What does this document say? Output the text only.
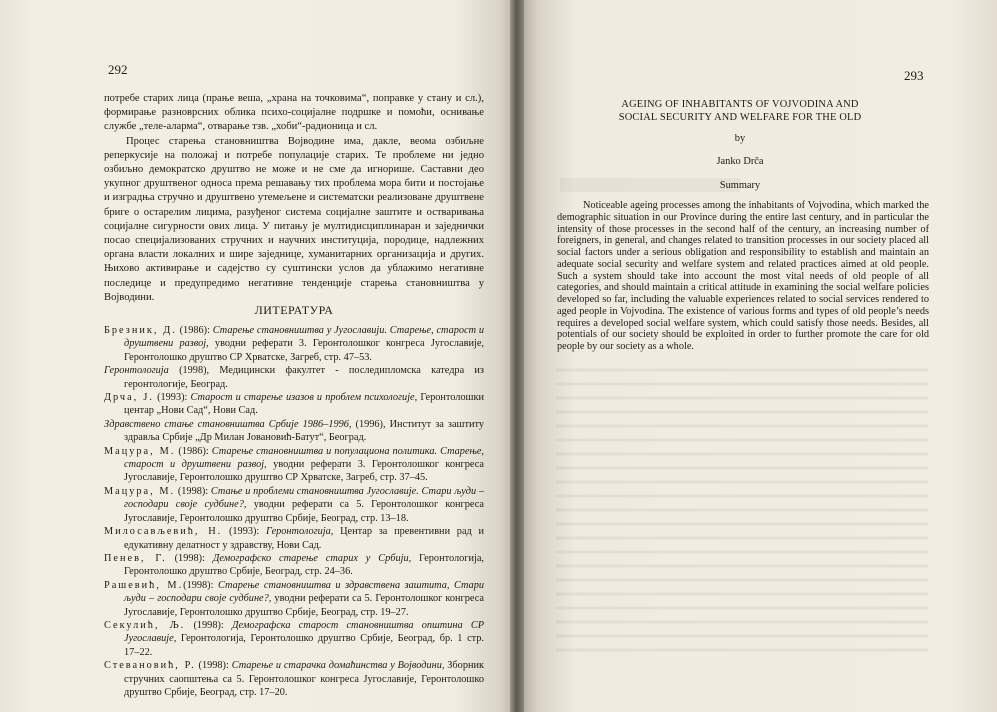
292

потребе старих лица (прање веша, „храна на точковима“, поправке у стану и сл.), формирање разноврсних облика психо-социјалне подршке и помоћи, оснивање службе „теле-аларма“, отварање тзв. „хоби“-радионица и сл.

Процес старења становништва Војводине има, дакле, веома озбиљне реперкусије на положај и потребе популације старих. Те проблеме ни једно озбиљно демократско друштво не може и не сме да игнорише. Саставни део укупног друштвеног односа према решавању тих проблема мора бити и постојање и изградња стручно и друштвено утемељене и систематски реализоване друштвене бриге о остарелим лицима, разуђеног система социјалне заштите и остваривања социјалне сигурности ових лица. У питању је мултидисциплинаран и заједнички посао специјализованих стручних и научних институција, породице, надлежних органа власти локалних и шире заједнице, хуманитарних организација и других. Њихово активирање и садејство су суштински услов да ублажимо негативне последице и предупредимо негативне тенденције старења становништва у Војводини.

ЛИТЕРАТУРА

Брезник, Д. (1986): Старење становништва у Југославији. Старење, старост и друштвени развој, уводни реферати 3. Геронтолошког конгреса Југославије, Геронтолошко друштво СР Хрватске, Загреб, стр. 47–53.

Геронтологија (1998), Медицински факултет - последипломска катедра из геронтологије, Београд.

Дрча, Ј. (1993): Старост и старење изазов и проблем психологије, Геронтолошки центар „Нови Сад“, Нови Сад.

Здравствено стање становништва Србије 1986–1996, (1996), Институт за заштиту здравља Србије „Др Милан Јовановић-Батут“, Београд.

Мацура, М. (1986): Старење становништва и популациона политика. Старење, старост и друштвени развој, уводни реферати 3. Геронтолошког конгреса Југославије, Геронтолошко друштво СР Хрватске, Загреб, стр. 37–45.

Мацура, М. (1998): Стање и проблеми становништва Југославије. Стари људи – господари своје судбине?, уводни реферати са 5. Геронтолошког конгреса Југославије, Геронтолошко друштво Србије, Београд, стр. 13–18.

Милосављевић, Н. (1993): Геронтологија, Центар за превентивни рад и едукативну делатност у здравству, Нови Сад.

Пенев, Г. (1998): Демографско старење старих у Србији, Геронтологија, Геронтолошко друштво Србије, Београд, стр. 24–36.

Рашевић, М.(1998): Старење становништва и здравствена заштита, Стари људи – господари своје судбине?, уводни реферати са 5. Геронтолошког конгреса Југославије, Геронтолошко друштво Србије, Београд, стр. 19–27.

Секулић, Љ. (1998): Демографска старост становништва општина СР Југославије, Геронтологија, Геронтолошко друштво Србије, Београд, бр. 1 стр. 17–22.

Стевановић, Р. (1998): Старење и старачка домаћинства у Војводини, Зборник стручних саопштења са 5. Геронтолошког конгреса Југославије, Геронтолошко друштво Србије, Београд, стр. 17–20.

293
AGEING OF INHABITANTS OF VOJVODINA AND
SOCIAL SECURITY AND WELFARE FOR THE OLD
by
Janko Drča
Summary

Noticeable ageing processes among the inhabitants of Vojvodina, which marked the demographic situation in our Province during the entire last century, and in particular the intensity of those processes in the second half of the century, an increasing number of foreigners, in general, and changes related to transition processes in our society placed all social factors under a serious obligation and responsibility to establish and maintain an adequate social security and welfare system and related practices aimed at old people. Such a system should take into account the most vital needs of old people of all categories, and should maintain a critical attitude in examining the social welfare policies developed so far, including the valuable experiences related to social services rendered to aged people in Vojvodina. The existence of various forms and types of old people’s needs requires a developed social welfare system, which could satisfy those needs. Besides, all potentials of our society should be exploited in order to further promote the care for old people by our society as a whole.
